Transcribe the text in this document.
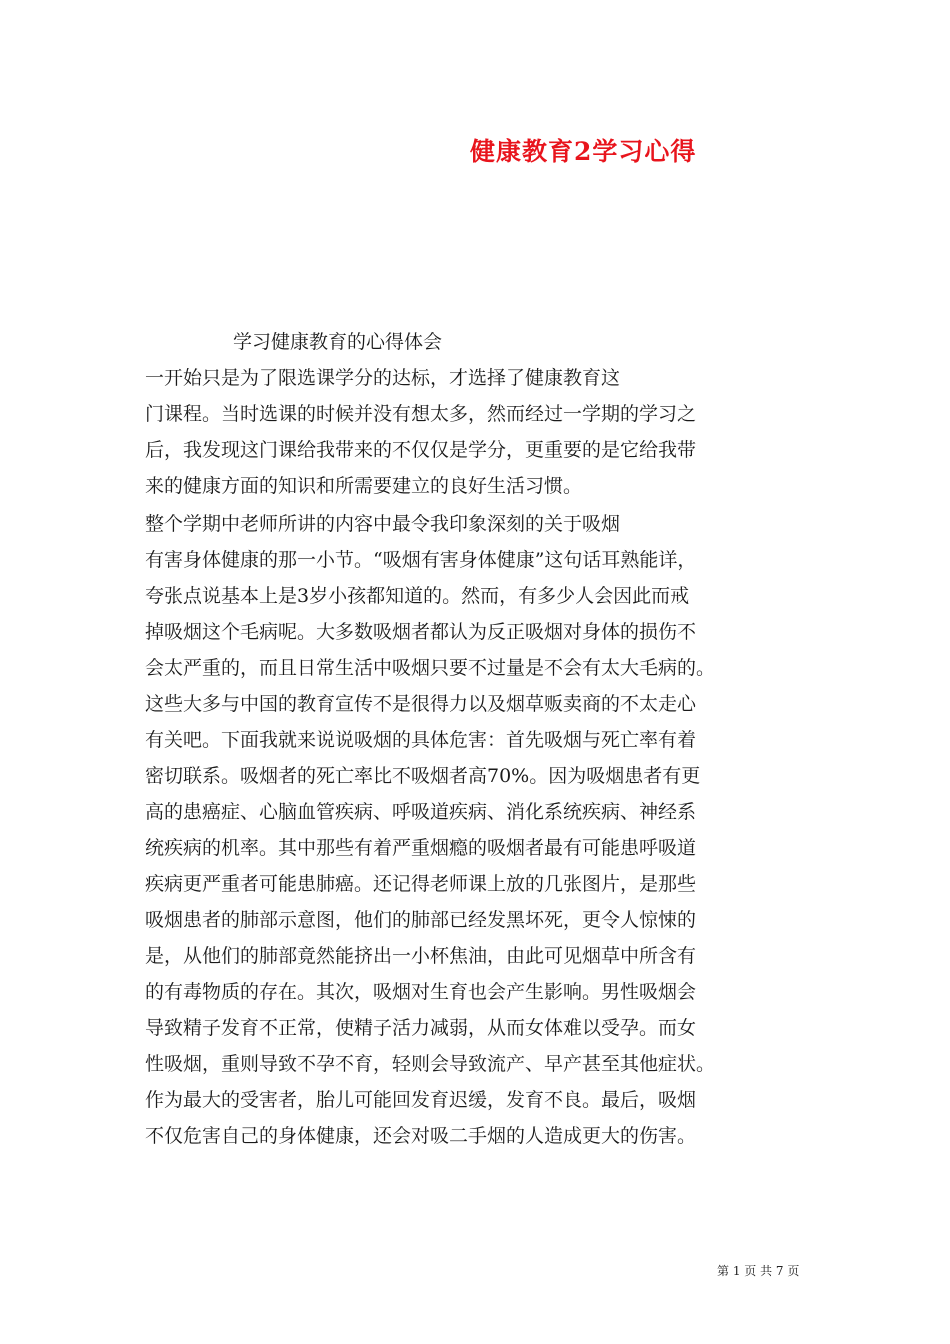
健康教育2学习心得
学习健康教育的心得体会
一开始只是为了限选课学分的达标，才选择了健康教育这
门课程。当时选课的时候并没有想太多，然而经过一学期的学习之
后，我发现这门课给我带来的不仅仅是学分，更重要的是它给我带
来的健康方面的知识和所需要建立的良好生活习惯。
整个学期中老师所讲的内容中最令我印象深刻的关于吸烟
有害身体健康的那一小节。“吸烟有害身体健康”这句话耳熟能详，
夸张点说基本上是3岁小孩都知道的。然而，有多少人会因此而戒
掉吸烟这个毛病呢。大多数吸烟者都认为反正吸烟对身体的损伤不
会太严重的，而且日常生活中吸烟只要不过量是不会有太大毛病的。
这些大多与中国的教育宣传不是很得力以及烟草贩卖商的不太走心
有关吧。下面我就来说说吸烟的具体危害：首先吸烟与死亡率有着
密切联系。吸烟者的死亡率比不吸烟者高70%。因为吸烟患者有更
高的患癌症、心脑血管疾病、呼吸道疾病、消化系统疾病、神经系
统疾病的机率。其中那些有着严重烟瘾的吸烟者最有可能患呼吸道
疾病更严重者可能患肺癌。还记得老师课上放的几张图片，是那些
吸烟患者的肺部示意图，他们的肺部已经发黑坏死，更令人惊悚的
是，从他们的肺部竟然能挤出一小杯焦油，由此可见烟草中所含有
的有毒物质的存在。其次，吸烟对生育也会产生影响。男性吸烟会
导致精子发育不正常，使精子活力减弱，从而女体难以受孕。而女
性吸烟，重则导致不孕不育，轻则会导致流产、早产甚至其他症状。
作为最大的受害者，胎儿可能回发育迟缓，发育不良。最后，吸烟
不仅危害自己的身体健康，还会对吸二手烟的人造成更大的伤害。
第 1 页 共 7 页
